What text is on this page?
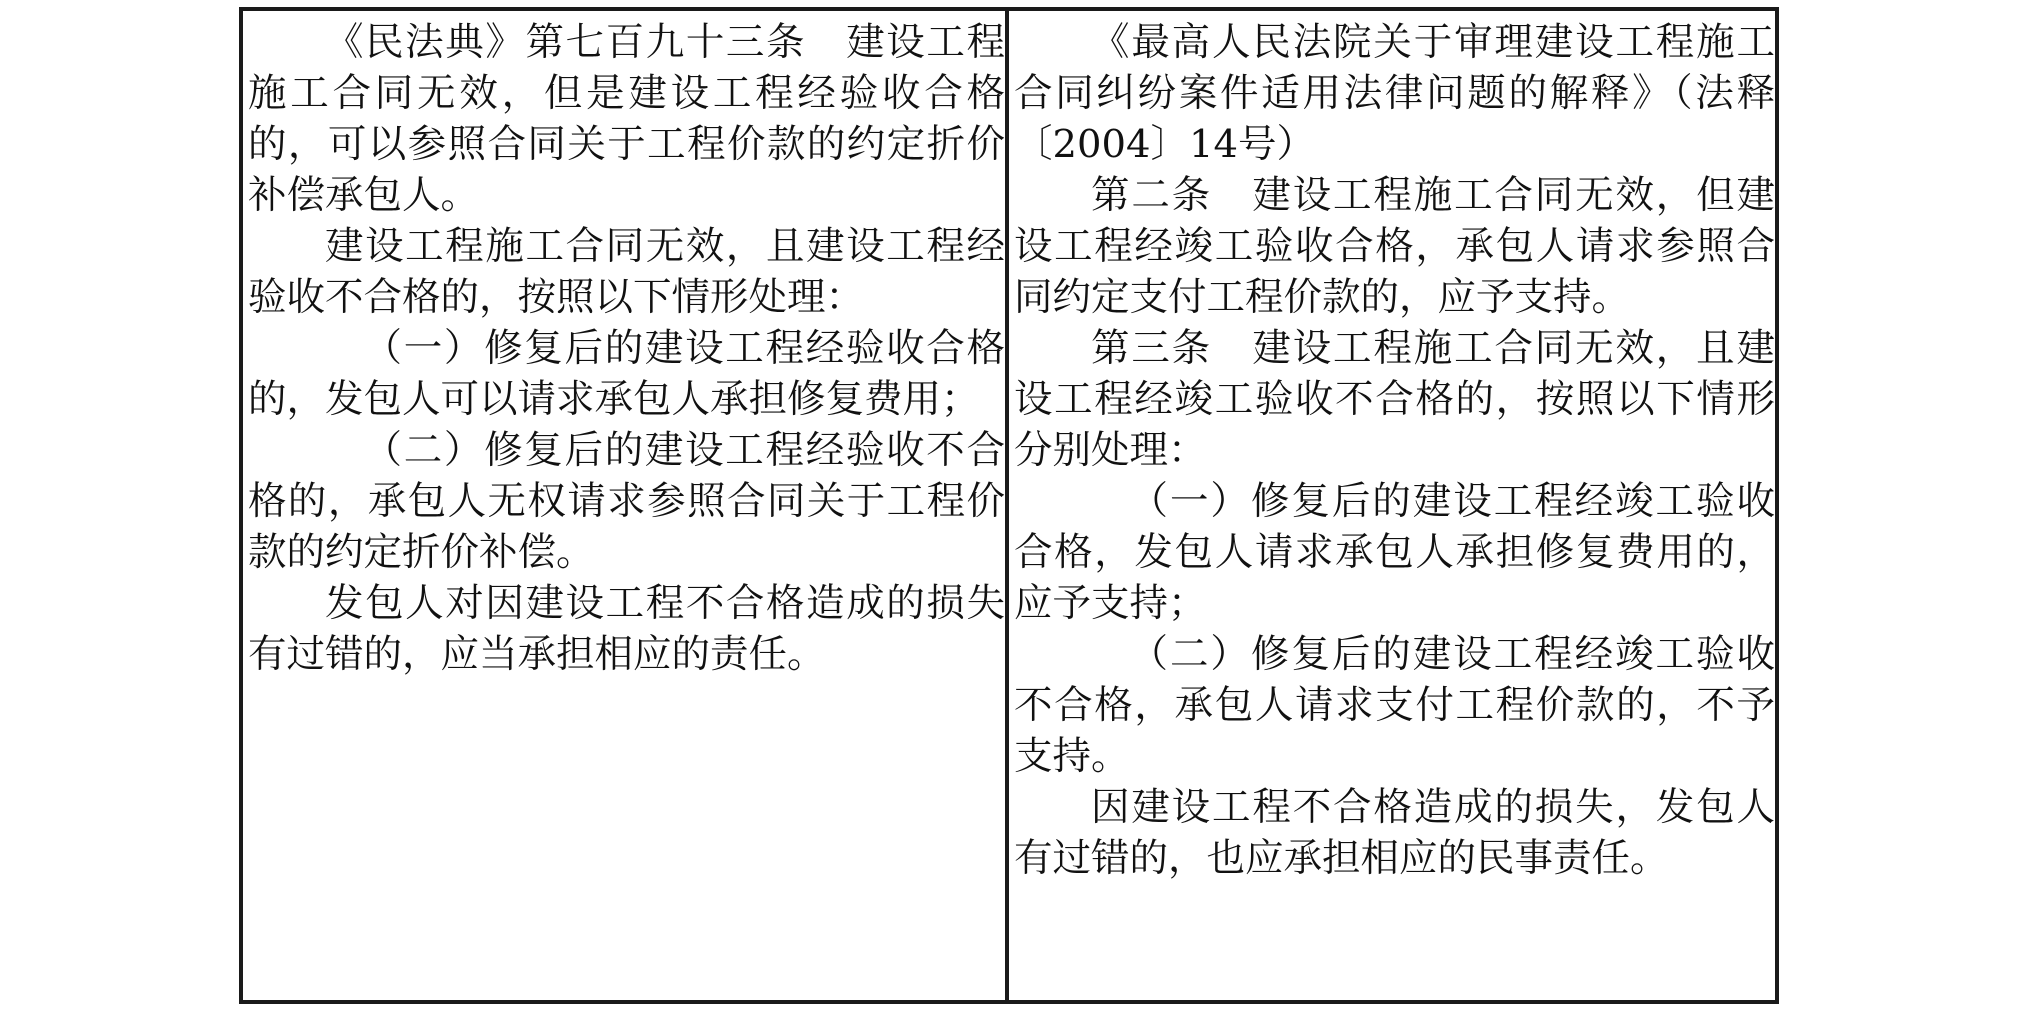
《民法典》第七百九十三条　建设工程施工合同无效，但是建设工程经验收合格的，可以参照合同关于工程价款的约定折价补偿承包人。

建设工程施工合同无效，且建设工程经验收不合格的，按照以下情形处理：

（一）修复后的建设工程经验收合格的，发包人可以请求承包人承担修复费用；

（二）修复后的建设工程经验收不合格的，承包人无权请求参照合同关于工程价款的约定折价补偿。

发包人对因建设工程不合格造成的损失有过错的，应当承担相应的责任。

《最高人民法院关于审理建设工程施工合同纠纷案件适用法律问题的解释》（法释〔2004〕14号）

第二条　建设工程施工合同无效，但建设工程经竣工验收合格，承包人请求参照合同约定支付工程价款的，应予支持。

第三条　建设工程施工合同无效，且建设工程经竣工验收不合格的，按照以下情形分别处理：

（一）修复后的建设工程经竣工验收合格，发包人请求承包人承担修复费用的，应予支持；

（二）修复后的建设工程经竣工验收不合格，承包人请求支付工程价款的，不予支持。

因建设工程不合格造成的损失，发包人有过错的，也应承担相应的民事责任。
